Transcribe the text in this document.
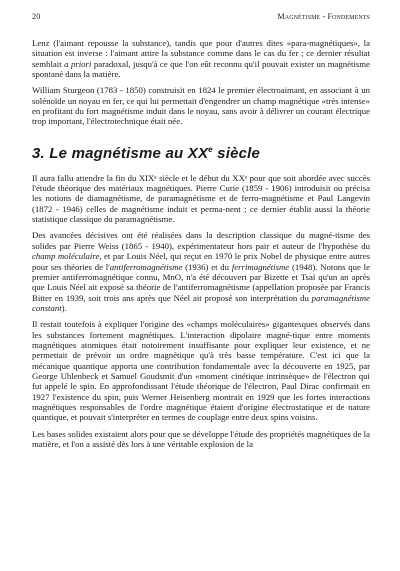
20	Magnétisme - Fondements

Lenz (l'aimant repousse la substance), tandis que pour d'autres dites «para-magnétiques», la situation est inverse : l'aimant attire la substance comme dans le cas du fer ; ce dernier résultat semblait a priori paradoxal, jusqu'à ce que l'on eût reconnu qu'il pouvait exister un magnétisme spontané dans la matière.

William Sturgeon (1783 - 1850) construisit en 1824 le premier électroaimant, en associant à un solénoïde un noyau en fer, ce qui lui permettait d'engendrer un champ magnétique «très intense» en profitant du fort magnétisme induit dans le noyau, sans avoir à délivrer un courant électrique trop important, l'électrotechnique était née.

3. Le magnétisme au XXe siècle

Il aura fallu attendre la fin du XIXᵉ siècle et le début du XXᵉ pour que soit abordée avec succès l'étude théorique des matériaux magnétiques. Pierre Curie (1859 - 1906) introduisit ou précisa les notions de diamagnétisme, de paramagnétisme et de ferro-magnétisme et Paul Langevin (1872 - 1946) celles de magnétisme induit et perma-nent ; ce dernier établit aussi la théorie statistique classique du paramagnétisme.

Des avancées décisives ont été réalisées dans la description classique du magné-tisme des solides par Pierre Weiss (1865 - 1940), expérimentateur hors pair et auteur de l'hypothèse du champ moléculaire, et par Louis Néel, qui reçut en 1970 le prix Nobel de physique entre autres pour ses théories de l'antiferromagnétisme (1936) et du ferrimagnétisme (1948). Notons que le premier antiferromagnétique connu, MnO, n'a été découvert par Bizette et Tsaï qu'un an après que Louis Néel ait exposé sa théorie de l'antiferromagnétisme (appellation proposée par Francis Bitter en 1939, soit trois ans après que Néel ait proposé son interprétation du paramagnétisme constant).

Il restait toutefois à expliquer l'origine des «champs moléculaires» gigantesques observés dans les substances fortement magnétiques. L'interaction dipolaire magné-tique entre moments magnétiques atomiques était notoirement insuffisante pour expliquer leur existence, et ne permettait de prévoir un ordre magnétique qu'à très basse température. C'est ici que la mécanique quantique apporta une contribution fondamentale avec la découverte en 1925, par George Uhlenbeck et Samuel Goudsmit d'un «moment cinétique intrinsèque» de l'électron qui fut appelé le spin. En approfondissant l'étude théorique de l'électron, Paul Dirac confirmait en 1927 l'existence du spin, puis Werner Heisenberg montrait en 1929 que les fortes interactions magnétiques responsables de l'ordre magnétique étaient d'origine électrostatique et de nature quantique, et pouvait s'interpréter en termes de couplage entre deux spins voisins.

Les bases solides existaient alors pour que se développe l'étude des propriétés magnétiques de la matière, et l'on a assisté dès lors à une véritable explosion de la
